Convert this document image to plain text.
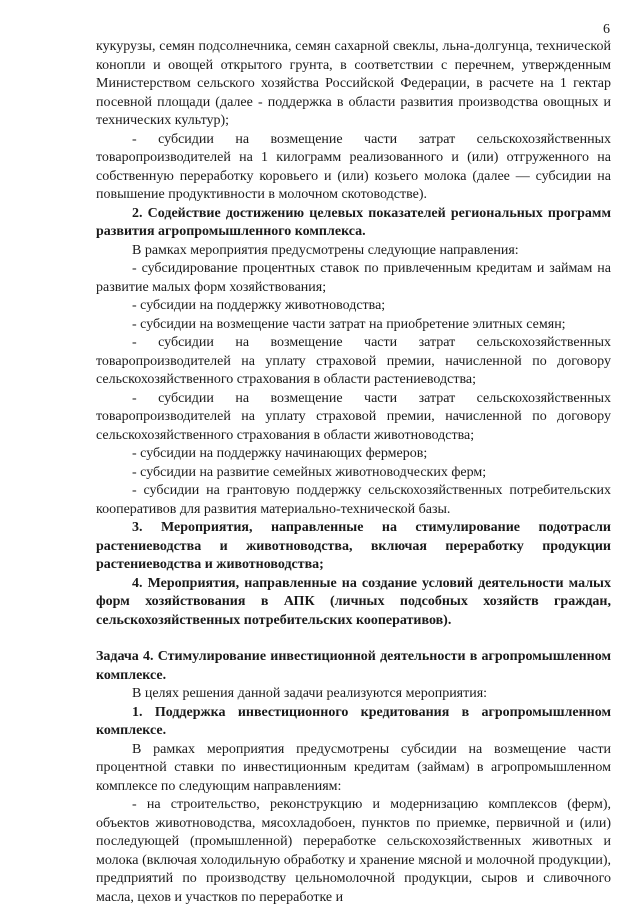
6

кукурузы, семян подсолнечника, семян сахарной свеклы, льна-долгунца, технической конопли и овощей открытого грунта, в соответствии с перечнем, утвержденным Министерством сельского хозяйства Российской Федерации, в расчете на 1 гектар посевной площади (далее - поддержка в области развития производства овощных и технических культур);

- субсидии на возмещение части затрат сельскохозяйственных товаропроизводителей на 1 килограмм реализованного и (или) отгруженного на собственную переработку коровьего и (или) козьего молока (далее — субсидии на повышение продуктивности в молочном скотоводстве).

2. Содействие достижению целевых показателей региональных программ развития агропромышленного комплекса.

В рамках мероприятия предусмотрены следующие направления:

- субсидирование процентных ставок по привлеченным кредитам и займам на развитие малых форм хозяйствования;

- субсидии на поддержку животноводства;

- субсидии на возмещение части затрат на приобретение элитных семян;

- субсидии на возмещение части затрат сельскохозяйственных товаропроизводителей на уплату страховой премии, начисленной по договору сельскохозяйственного страхования в области растениеводства;

- субсидии на возмещение части затрат сельскохозяйственных товаропроизводителей на уплату страховой премии, начисленной по договору сельскохозяйственного страхования в области животноводства;

- субсидии на поддержку начинающих фермеров;

- субсидии на развитие семейных животноводческих ферм;

- субсидии на грантовую поддержку сельскохозяйственных потребительских кооперативов для развития материально-технической базы.

3. Мероприятия, направленные на стимулирование подотрасли растениеводства и животноводства, включая переработку продукции растениеводства и животноводства;

4. Мероприятия, направленные на создание условий деятельности малых форм хозяйствования в АПК (личных подсобных хозяйств граждан, сельскохозяйственных потребительских кооперативов).

Задача 4. Стимулирование инвестиционной деятельности в агропромышленном комплексе.

В целях решения данной задачи реализуются мероприятия:

1. Поддержка инвестиционного кредитования в агропромышленном комплексе.

В рамках мероприятия предусмотрены субсидии на возмещение части процентной ставки по инвестиционным кредитам (займам) в агропромышленном комплексе по следующим направлениям:

- на строительство, реконструкцию и модернизацию комплексов (ферм), объектов животноводства, мясохладобоен, пунктов по приемке, первичной и (или) последующей (промышленной) переработке сельскохозяйственных животных и молока (включая холодильную обработку и хранение мясной и молочной продукции), предприятий по производству цельномолочной продукции, сыров и сливочного масла, цехов и участков по переработке и
